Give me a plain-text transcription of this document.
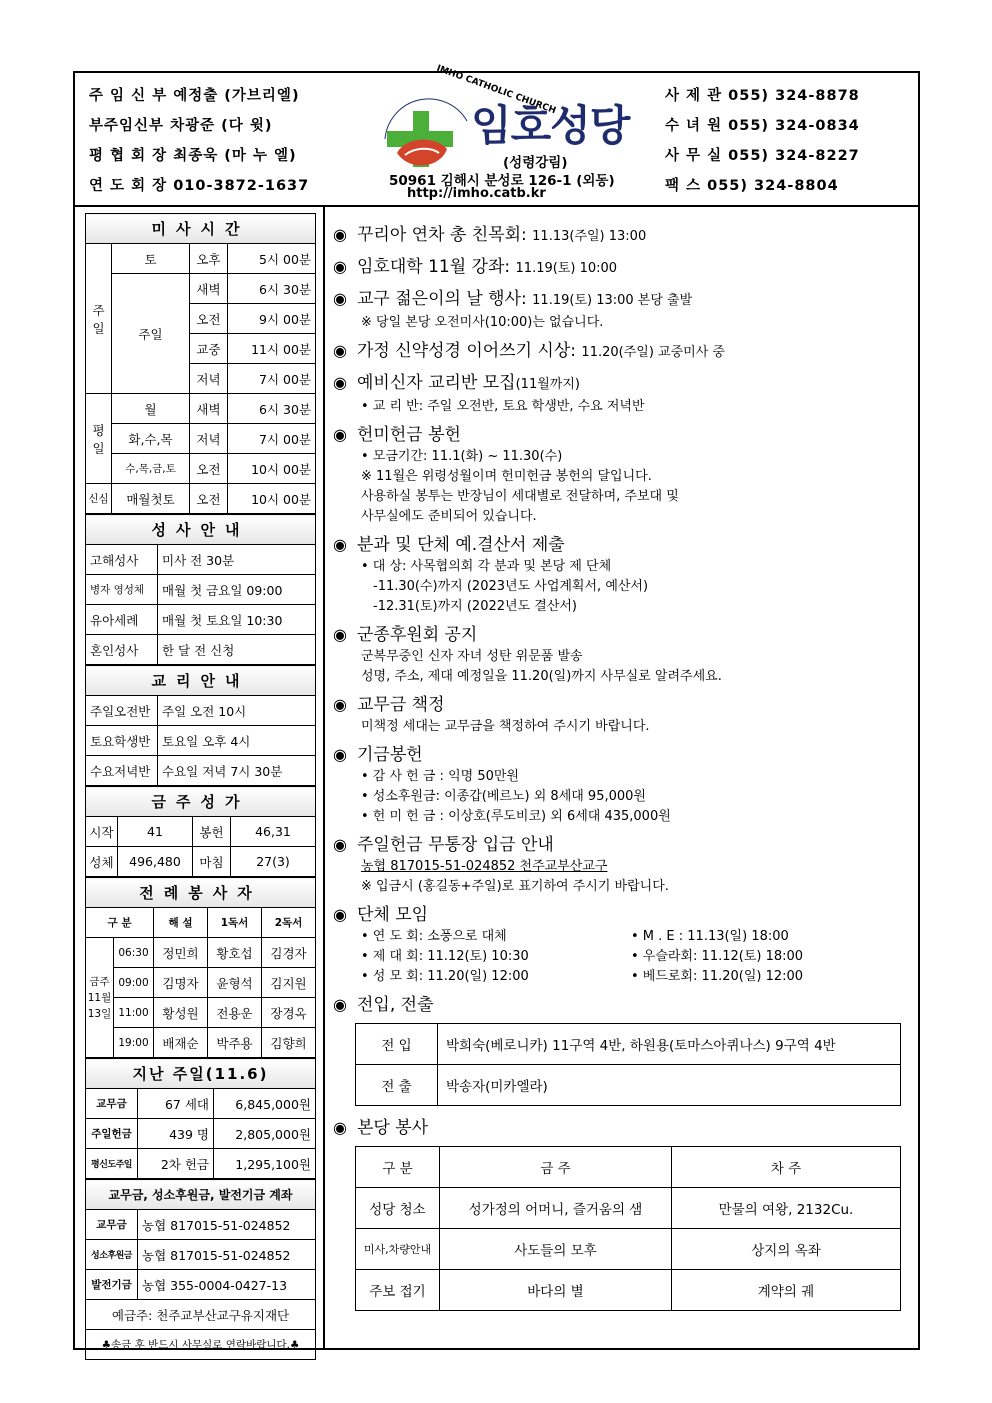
주 임 신 부 예정출 (가브리엘)
부주임신부 차광준 (다 윗)
평 협 회 장 최종욱 (마 누 엘)
연 도 회 장 010-3872-1637
IMHO CATHOLIC CHURCH
임호성당
(성령강림)
50961 김해시 분성로 126-1 (외동)
http://imho.catb.kr
사 제 관 055) 324-8878
수 녀 원 055) 324-0834
사 무 실 055) 324-8227
팩 스 055) 324-8804
미사시간			
주일	토	오후	5시 00분
	주일	새벽	6시 30분
		오전	9시 00분
		교중	11시 00분
		저녁	7시 00분
평일	월	새벽	6시 30분
	화,수,목	저녁	7시 00분
	수,목,금,토	오전	10시 00분
신심	매월첫토	오전	10시 00분
성사안내	
고해성사	미사 전 30분
병자 영성체	매월 첫 금요일 09:00
유아세례	매월 첫 토요일 10:30
혼인성사	한 달 전 신청
교리안내	
주일오전반	주일 오전 10시
토요학생반	토요일 오후 4시
수요저녁반	수요일 저녁 7시 30분
금주성가			
시작	41	봉헌	46,31
성체	496,480	마침	27(3)
전례봉사자				
구 분		해 설	1독서	2독서
금주 11월 13일	06:30	정민희	황호섭	김경자
	09:00	김명자	윤형석	김지원
	11:00	황성원	전용운	장경옥
	19:00	배재순	박주용	김향희
지난 주일(11.6)		
교무금	67 세대	6,845,000원
주일헌금	439 명	2,805,000원
평신도주일	2차 헌금	1,295,100원
교무금, 성소후원금, 발전기금 계좌	
교무금	농협 817015-51-024852
성소후원금	농협 817015-51-024852
발전기금	농협 355-0004-0427-13
예금주: 천주교부산교구유지재단	
♣송금 후 반드시 사무실로 연락바랍니다.♣	
◉ 꾸리아 연차 총 친목회: 11.13(주일) 13:00
◉ 임호대학 11월 강좌: 11.19(토) 10:00
◉ 교구 젊은이의 날 행사: 11.19(토) 13:00 본당 출발
※ 당일 본당 오전미사(10:00)는 없습니다.
◉ 가정 신약성경 이어쓰기 시상: 11.20(주일) 교중미사 중
◉ 예비신자 교리반 모집(11월까지)
• 교 리 반: 주일 오전반, 토요 학생반, 수요 저녁반
◉ 헌미헌금 봉헌
• 모금기간: 11.1(화) ~ 11.30(수)
※ 11월은 위령성월이며 헌미헌금 봉헌의 달입니다.
사용하실 봉투는 반장님이 세대별로 전달하며, 주보대 및
사무실에도 준비되어 있습니다.
◉ 분과 및 단체 예.결산서 제출
• 대 상: 사목협의회 각 분과 및 본당 제 단체
-11.30(수)까지 (2023년도 사업계획서, 예산서)
-12.31(토)까지 (2022년도 결산서)
◉ 군종후원회 공지
군복무중인 신자 자녀 성탄 위문품 발송
성명, 주소, 제대 예정일을 11.20(일)까지 사무실로 알려주세요.
◉ 교무금 책정
미책정 세대는 교무금을 책정하여 주시기 바랍니다.
◉ 기금봉헌
• 감 사 헌 금 : 익명 50만원
• 성소후원금: 이종갑(베르노) 외 8세대 95,000원
• 헌 미 헌 금 : 이상호(루도비코) 외 6세대 435,000원
◉ 주일헌금 무통장 입금 안내
농협 817015-51-024852 천주교부산교구
※ 입금시 (홍길동+주일)로 표기하여 주시기 바랍니다.
◉ 단체 모임
• 연 도 회: 소풍으로 대체	• M . E : 11.13(일) 18:00
• 제 대 회: 11.12(토) 10:30	• 우슬라회: 11.12(토) 18:00
• 성 모 회: 11.20(일) 12:00	• 베드로회: 11.20(일) 12:00
◉ 전입, 전출
전 입	박희숙(베로니카) 11구역 4반, 하원용(토마스아퀴나스) 9구역 4반
전 출	박송자(미카엘라)
◉ 본당 봉사
구 분	금 주	차 주
성당 청소	성가정의 어머니, 즐거움의 샘	만물의 여왕, 2132Cu.
미사,차량안내	사도들의 모후	상지의 옥좌
주보 접기	바다의 별	계약의 궤
